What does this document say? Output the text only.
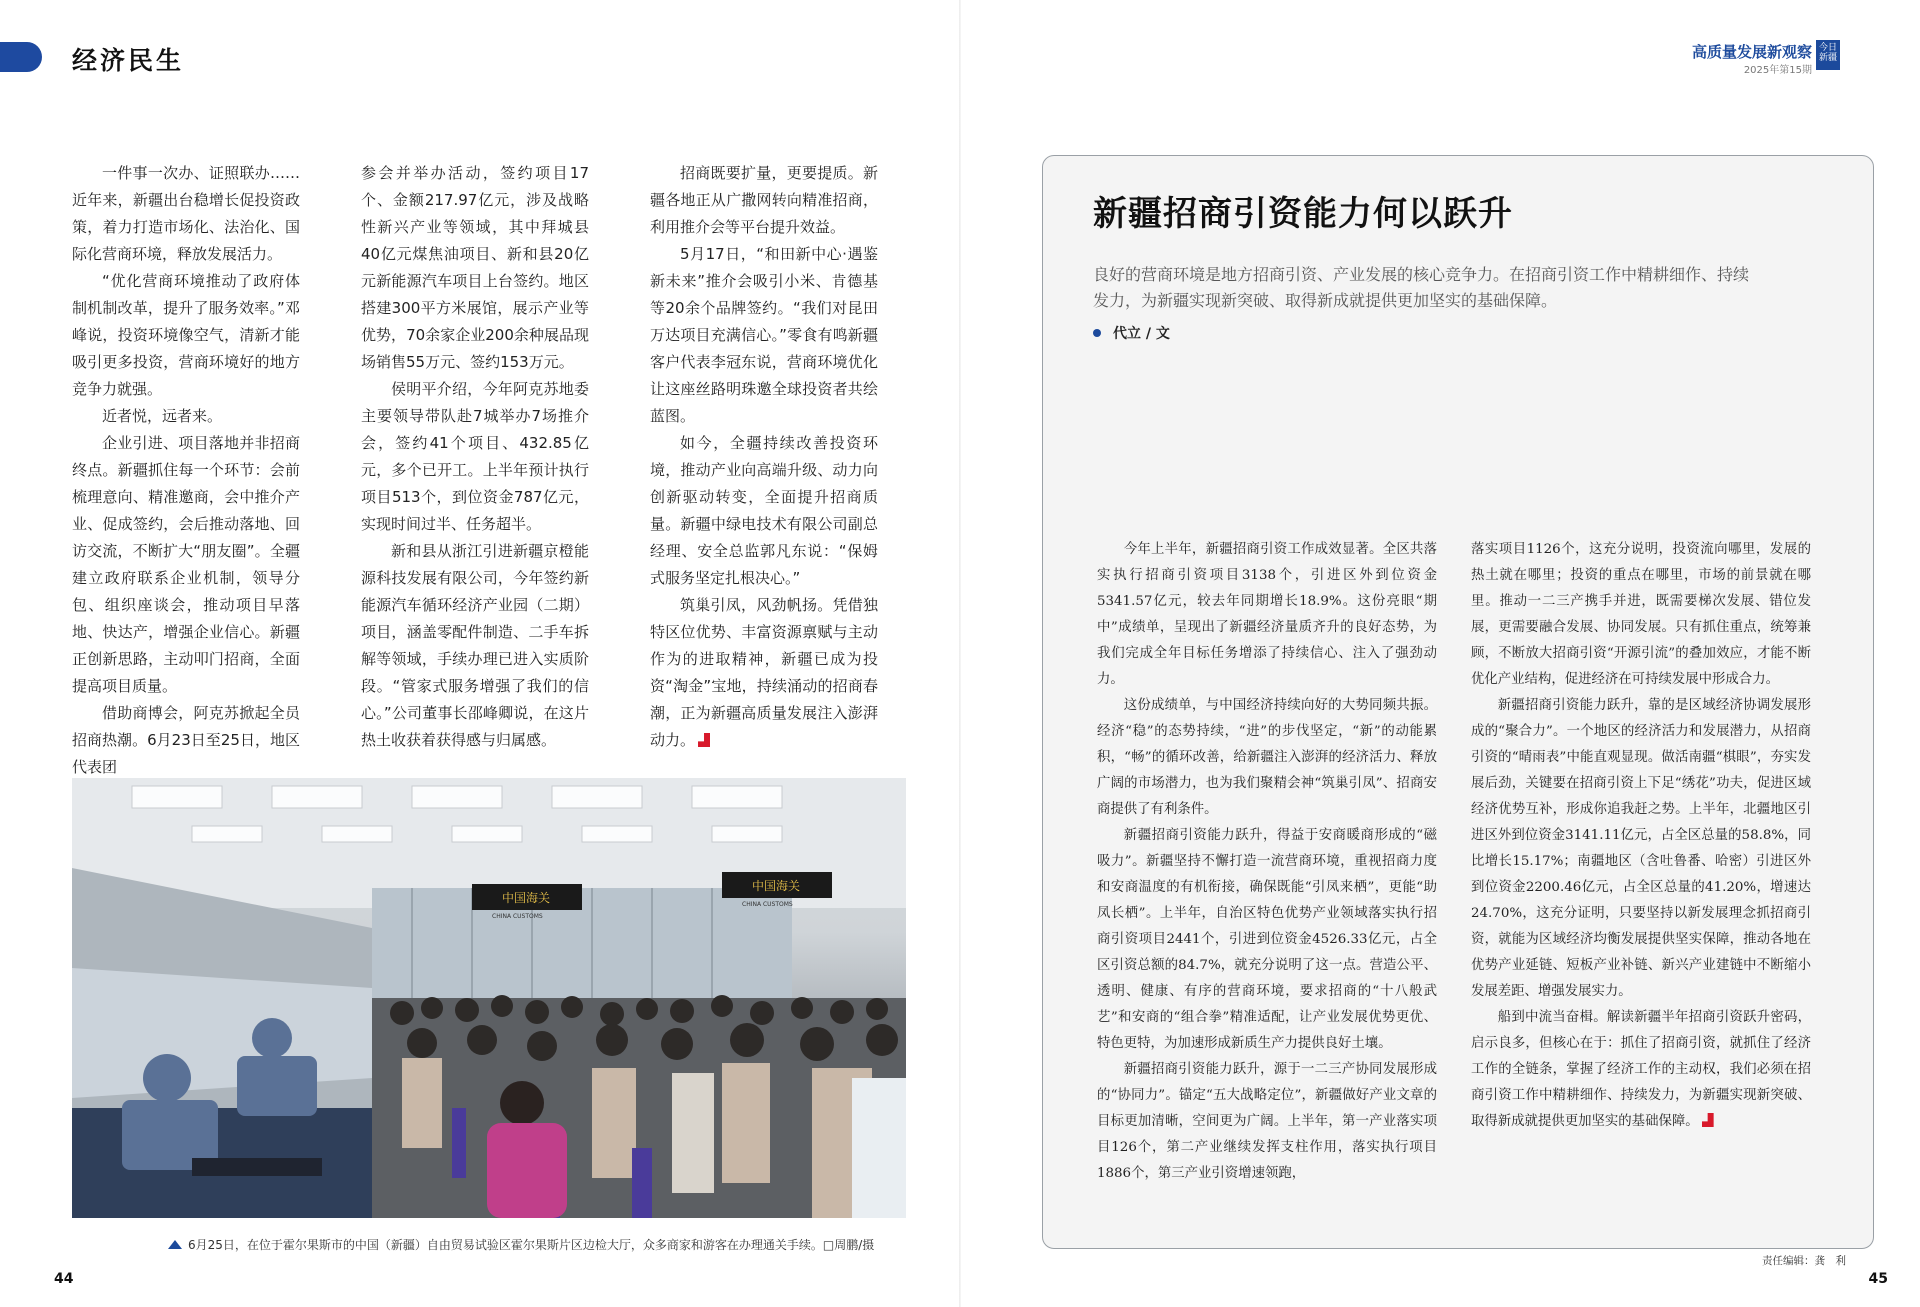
经济民生	高质量发展新观察
2025年第15期
今日
新疆

一件事一次办、证照联办……近年来，新疆出台稳增长促投资政策，着力打造市场化、法治化、国际化营商环境，释放发展活力。

“优化营商环境推动了政府体制机制改革，提升了服务效率。”邓峰说，投资环境像空气，清新才能吸引更多投资，营商环境好的地方竞争力就强。

近者悦，远者来。

企业引进、项目落地并非招商终点。新疆抓住每一个环节：会前梳理意向、精准邀商，会中推介产业、促成签约，会后推动落地、回访交流，不断扩大“朋友圈”。全疆建立政府联系企业机制，领导分包、组织座谈会，推动项目早落地、快达产，增强企业信心。新疆正创新思路，主动叩门招商，全面提高项目质量。

借助商博会，阿克苏掀起全员招商热潮。6月23日至25日，地区代表团

参会并举办活动，签约项目17个、金额217.97亿元，涉及战略性新兴产业等领域，其中拜城县40亿元煤焦油项目、新和县20亿元新能源汽车项目上台签约。地区搭建300平方米展馆，展示产业等优势，70余家企业200余种展品现场销售55万元、签约153万元。

侯明平介绍，今年阿克苏地委主要领导带队赴7城举办7场推介会，签约41个项目、432.85亿元，多个已开工。上半年预计执行项目513个，到位资金787亿元，实现时间过半、任务超半。

新和县从浙江引进新疆京橙能源科技发展有限公司，今年签约新能源汽车循环经济产业园（二期）项目，涵盖零配件制造、二手车拆解等领域，手续办理已进入实质阶段。“管家式服务增强了我们的信心。”公司董事长邵峰卿说，在这片热土收获着获得感与归属感。

招商既要扩量，更要提质。新疆各地正从广撒网转向精准招商，利用推介会等平台提升效益。

5月17日，“和田新中心·遇鉴新未来”推介会吸引小米、肯德基等20余个品牌签约。“我们对昆田万达项目充满信心。”零食有鸣新疆客户代表李冠东说，营商环境优化让这座丝路明珠邀全球投资者共绘蓝图。

如今，全疆持续改善投资环境，推动产业向高端升级、动力向创新驱动转变，全面提升招商质量。新疆中绿电技术有限公司副总经理、安全总监郭凡东说：“保姆式服务坚定扎根决心。”

筑巢引凤，风劲帆扬。凭借独特区位优势、丰富资源禀赋与主动作为的进取精神，新疆已成为投资“淘金”宝地，持续涌动的招商春潮，正为新疆高质量发展注入澎湃动力。

中国海关
CHINA CUSTOMS
中国海关
CHINA CUSTOMS
6月25日，在位于霍尔果斯市的中国（新疆）自由贸易试验区霍尔果斯片区边检大厅，众多商家和游客在办理通关手续。□周鹏/摄
新疆招商引资能力何以跃升
良好的营商环境是地方招商引资、产业发展的核心竞争力。在招商引资工作中精耕细作、持续发力，为新疆实现新突破、取得新成就提供更加坚实的基础保障。
代立 / 文

今年上半年，新疆招商引资工作成效显著。全区共落实执行招商引资项目3138个，引进区外到位资金5341.57亿元，较去年同期增长18.9%。这份亮眼“期中”成绩单，呈现出了新疆经济量质齐升的良好态势，为我们完成全年目标任务增添了持续信心、注入了强劲动力。

这份成绩单，与中国经济持续向好的大势同频共振。经济“稳”的态势持续，“进”的步伐坚定，“新”的动能累积，“畅”的循环改善，给新疆注入澎湃的经济活力、释放广阔的市场潜力，也为我们聚精会神“筑巢引凤”、招商安商提供了有利条件。

新疆招商引资能力跃升，得益于安商暖商形成的“磁吸力”。新疆坚持不懈打造一流营商环境，重视招商力度和安商温度的有机衔接，确保既能“引凤来栖”，更能“助凤长栖”。上半年，自治区特色优势产业领域落实执行招商引资项目2441个，引进到位资金4526.33亿元，占全区引资总额的84.7%，就充分说明了这一点。营造公平、透明、健康、有序的营商环境，要求招商的“十八般武艺”和安商的“组合拳”精准适配，让产业发展优势更优、特色更特，为加速形成新质生产力提供良好土壤。

新疆招商引资能力跃升，源于一二三产协同发展形成的“协同力”。锚定“五大战略定位”，新疆做好产业文章的目标更加清晰，空间更为广阔。上半年，第一产业落实项目126个，第二产业继续发挥支柱作用，落实执行项目1886个，第三产业引资增速领跑，

落实项目1126个，这充分说明，投资流向哪里，发展的热土就在哪里；投资的重点在哪里，市场的前景就在哪里。推动一二三产携手并进，既需要梯次发展、错位发展，更需要融合发展、协同发展。只有抓住重点，统筹兼顾，不断放大招商引资“开源引流”的叠加效应，才能不断优化产业结构，促进经济在可持续发展中形成合力。

新疆招商引资能力跃升，靠的是区域经济协调发展形成的“聚合力”。一个地区的经济活力和发展潜力，从招商引资的“晴雨表”中能直观显现。做活南疆“棋眼”，夯实发展后劲，关键要在招商引资上下足“绣花”功夫，促进区域经济优势互补，形成你追我赶之势。上半年，北疆地区引进区外到位资金3141.11亿元，占全区总量的58.8%，同比增长15.17%；南疆地区（含吐鲁番、哈密）引进区外到位资金2200.46亿元，占全区总量的41.20%，增速达24.70%，这充分证明，只要坚持以新发展理念抓招商引资，就能为区域经济均衡发展提供坚实保障，推动各地在优势产业延链、短板产业补链、新兴产业建链中不断缩小发展差距、增强发展实力。

船到中流当奋楫。解读新疆半年招商引资跃升密码，启示良多，但核心在于：抓住了招商引资，就抓住了经济工作的全链条，掌握了经济工作的主动权，我们必须在招商引资工作中精耕细作、持续发力，为新疆实现新突破、取得新成就提供更加坚实的基础保障。

44
责任编辑：龚　利
45
